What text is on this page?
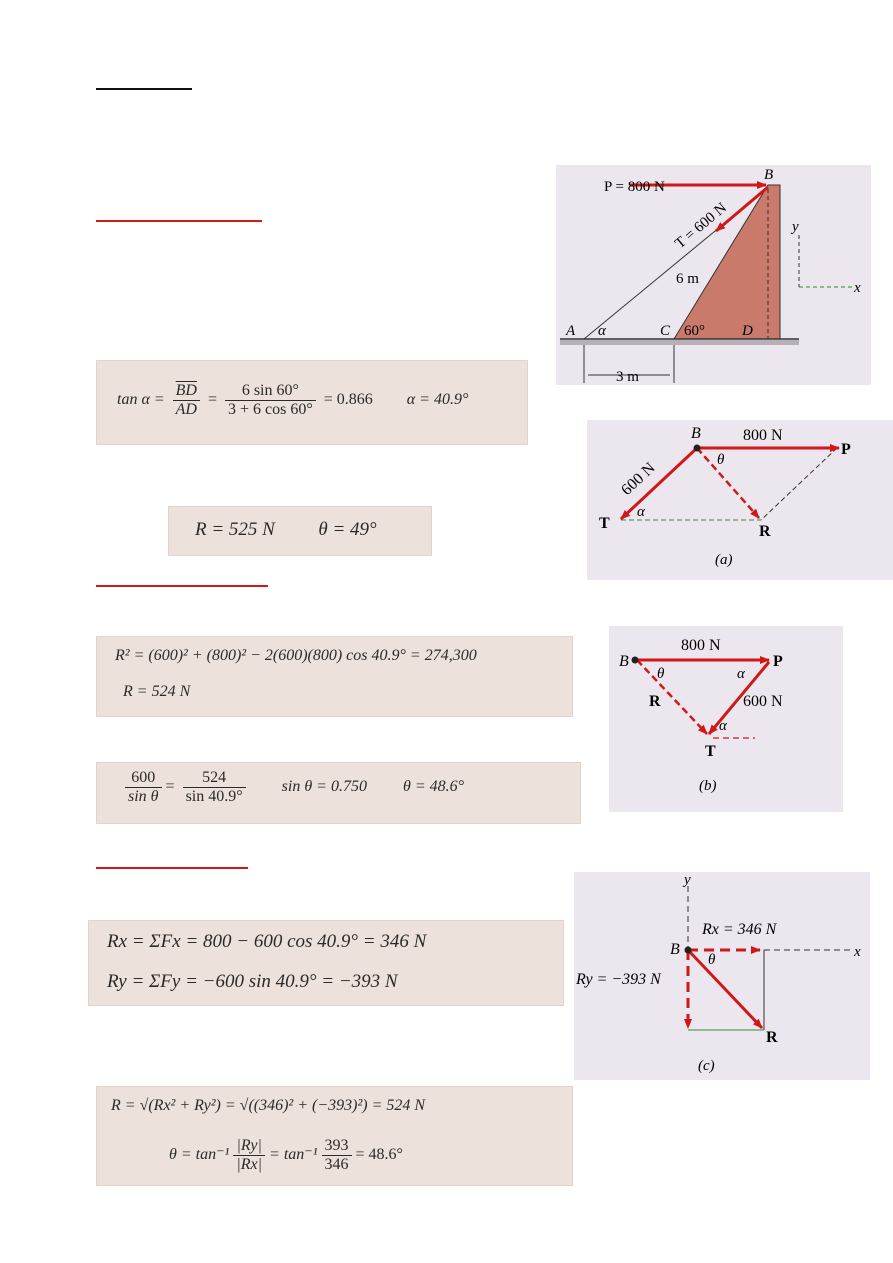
$\tan \alpha = \frac{\overline{BD}}{AD} = \frac{6 \sin 60^\circ}{3 + 6 \cos 60^\circ} = 0.866$ α = 40.9°
R = 525 N θ = 49°
R² = (600)² + (800)² − 2(600)(800) cos 40.9° = 274,300
R = 524 N
$\frac{600}{\text{sin θ}} = \frac{524}{\sin 40.9^\circ}$ sin θ = 0.750 θ = 48.6°
Rx = ΣFx = 800 − 600 cos 40.9° = 346 N
Ry = ΣFy = −600 sin 40.9° = −393 N
R = √(Rx² + Ry²) = √((346)² + (−393)²) = 524 N
$\theta = \tan^{-1} \frac{|Ry|}{|Rx|} = \tan^{-1} \frac{393}{346} = 48.6^\circ$
P = 800 N
B
T = 600 N	y
x
6 m
A α	C 60° D
3 m
B	800 N
P
600 N	θ
T
α
R
(a)
B
800 N
P
θ	α
R	600 N
α
T
(b)
y
Rx = 346 N
B	x
θ
Ry = −393 N
R
(c)
